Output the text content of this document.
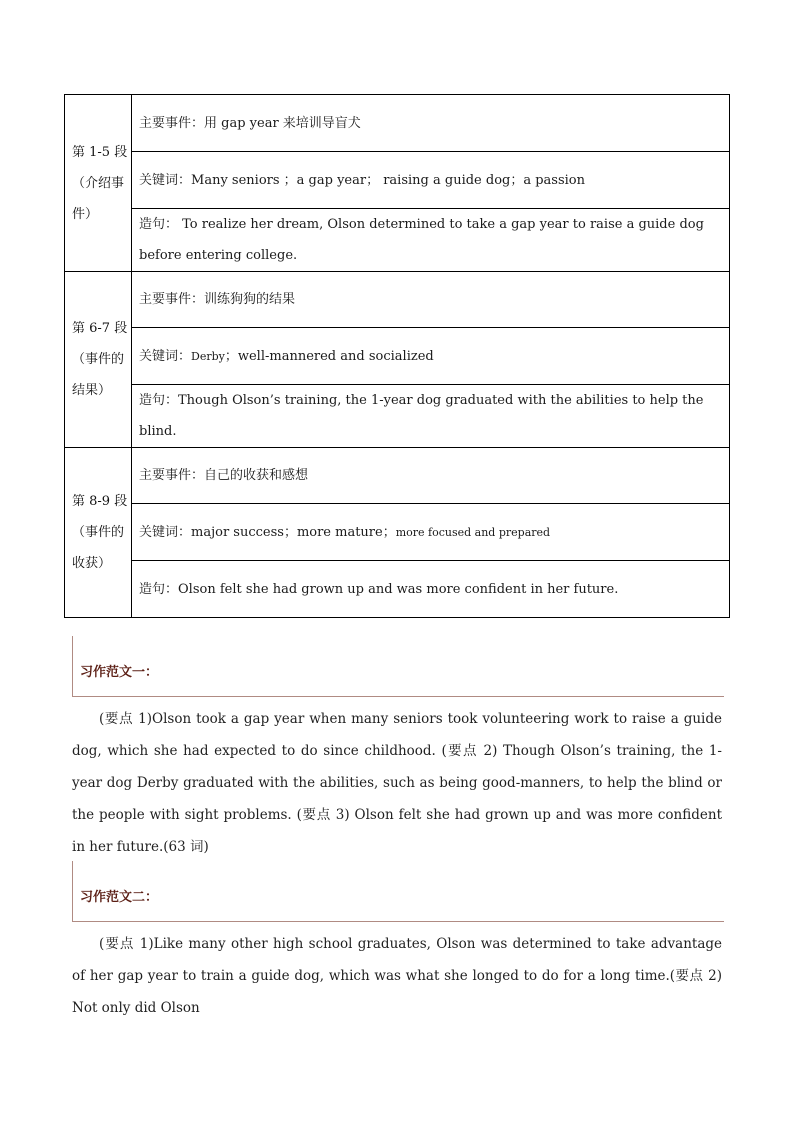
第 1-5 段
（介绍事
件）	主要事件：用 gap year 来培训导盲犬
	关键词：Many seniors ；a gap year； raising a guide dog；a passion
	造句： To realize her dream, Olson determined to take a gap year to raise a guide dog before entering college.

第 6-7 段
（事件的
结果）	主要事件：训练狗狗的结果
	关键词：Derby；well-mannered and socialized
	造句：Though Olson’s training, the 1-year dog graduated with the abilities to help the blind.

第 8-9 段
（事件的
收获）	主要事件：自己的收获和感想
	关键词：major success；more mature；more focused and prepared
	造句：Olson felt she had grown up and was more confident in her future.
习作范文一：

(要点 1)Olson took a gap year when many seniors took volunteering work to raise a guide dog, which she had expected to do since childhood. (要点 2) Though Olson’s training, the 1-year dog Derby graduated with the abilities, such as being good-manners, to help the blind or the people with sight problems. (要点 3) Olson felt she had grown up and was more confident in her future.(63 词)

习作范文二：

(要点 1)Like many other high school graduates, Olson was determined to take advantage of her gap year to train a guide dog, which was what she longed to do for a long time.(要点 2) Not only did Olson
